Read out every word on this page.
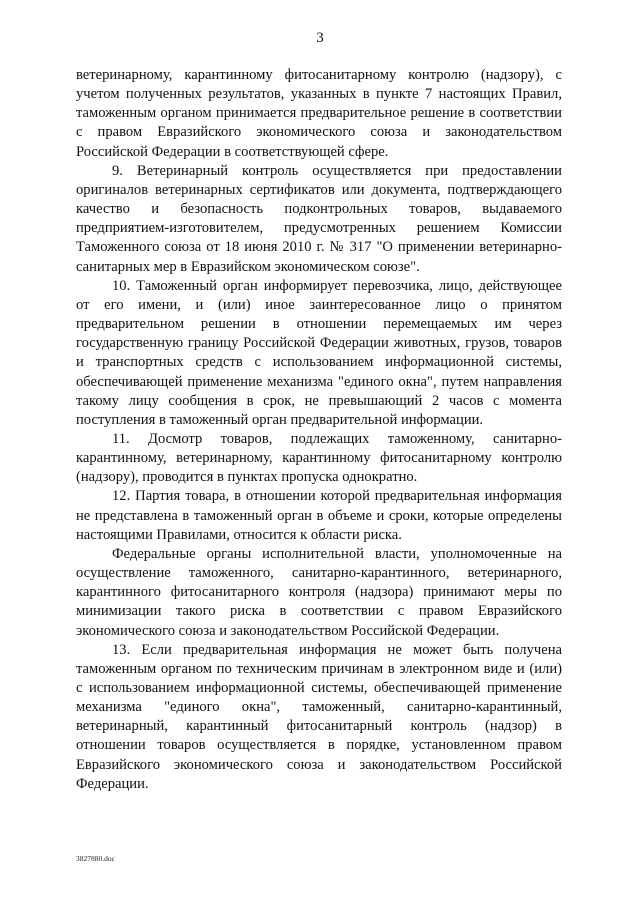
3

ветеринарному, карантинному фитосанитарному контролю (надзору), с учетом полученных результатов, указанных в пункте 7 настоящих Правил, таможенным органом принимается предварительное решение в соответствии с правом Евразийского экономического союза и законодательством Российской Федерации в соответствующей сфере.

9. Ветеринарный контроль осуществляется при предоставлении оригиналов ветеринарных сертификатов или документа, подтверждающего качество и безопасность подконтрольных товаров, выдаваемого предприятием-изготовителем, предусмотренных решением Комиссии Таможенного союза от 18 июня 2010 г. № 317 "О применении ветеринарно-санитарных мер в Евразийском экономическом союзе".

10. Таможенный орган информирует перевозчика, лицо, действующее от его имени, и (или) иное заинтересованное лицо о принятом предварительном решении в отношении перемещаемых им через государственную границу Российской Федерации животных, грузов, товаров и транспортных средств с использованием информационной системы, обеспечивающей применение механизма "единого окна", путем направления такому лицу сообщения в срок, не превышающий 2 часов с момента поступления в таможенный орган предварительной информации.

11. Досмотр товаров, подлежащих таможенному, санитарно-карантинному, ветеринарному, карантинному фитосанитарному контролю (надзору), проводится в пунктах пропуска однократно.

12. Партия товара, в отношении которой предварительная информация не представлена в таможенный орган в объеме и сроки, которые определены настоящими Правилами, относится к области риска.

Федеральные органы исполнительной власти, уполномоченные на осуществление таможенного, санитарно-карантинного, ветеринарного, карантинного фитосанитарного контроля (надзора) принимают меры по минимизации такого риска в соответствии с правом Евразийского экономического союза и законодательством Российской Федерации.

13. Если предварительная информация не может быть получена таможенным органом по техническим причинам в электронном виде и (или) с использованием информационной системы, обеспечивающей применение механизма "единого окна", таможенный, санитарно-карантинный, ветеринарный, карантинный фитосанитарный контроль (надзор) в отношении товаров осуществляется в порядке, установленном правом Евразийского экономического союза и законодательством Российской Федерации.

3827880.doc
